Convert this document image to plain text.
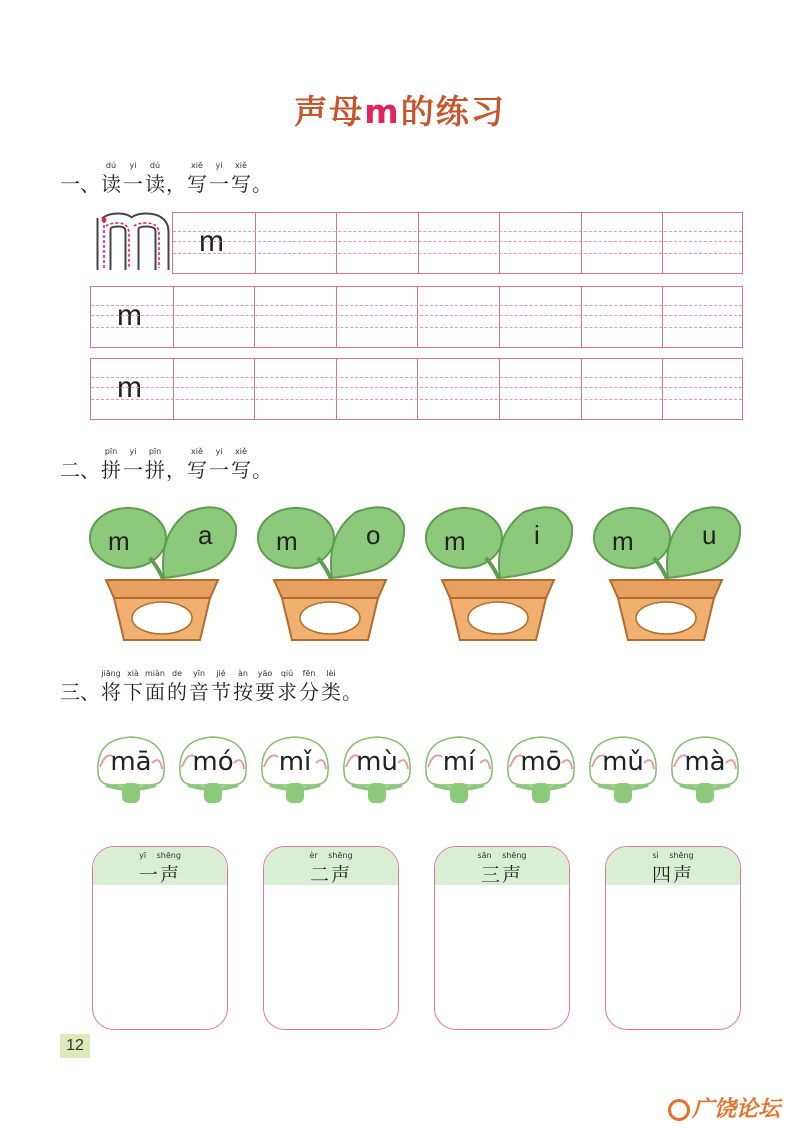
声母m的练习
一、
dú
读
yi
一
dú
读 ，
xiě
写
yi
一
xiě
写 。
m
m
m
二、
pīn
拼
yi
一
pīn
拼 ，
xiě
写
yi
一
xiě
写 。
m	a m	o m	i	m	u
三、
jiāng
将
xià
下
miàn
面
de
的
yīn
音
jié
节
àn
按
yāo
要
qiú
求
fēn
分
lèi
类 。
mā	mó	mǐ	mù	mí	mō	mǔ	mà
yī shēng
一声
èr shēng
二声
sān shēng
三声
sì shēng
四声
12
广饶论坛
